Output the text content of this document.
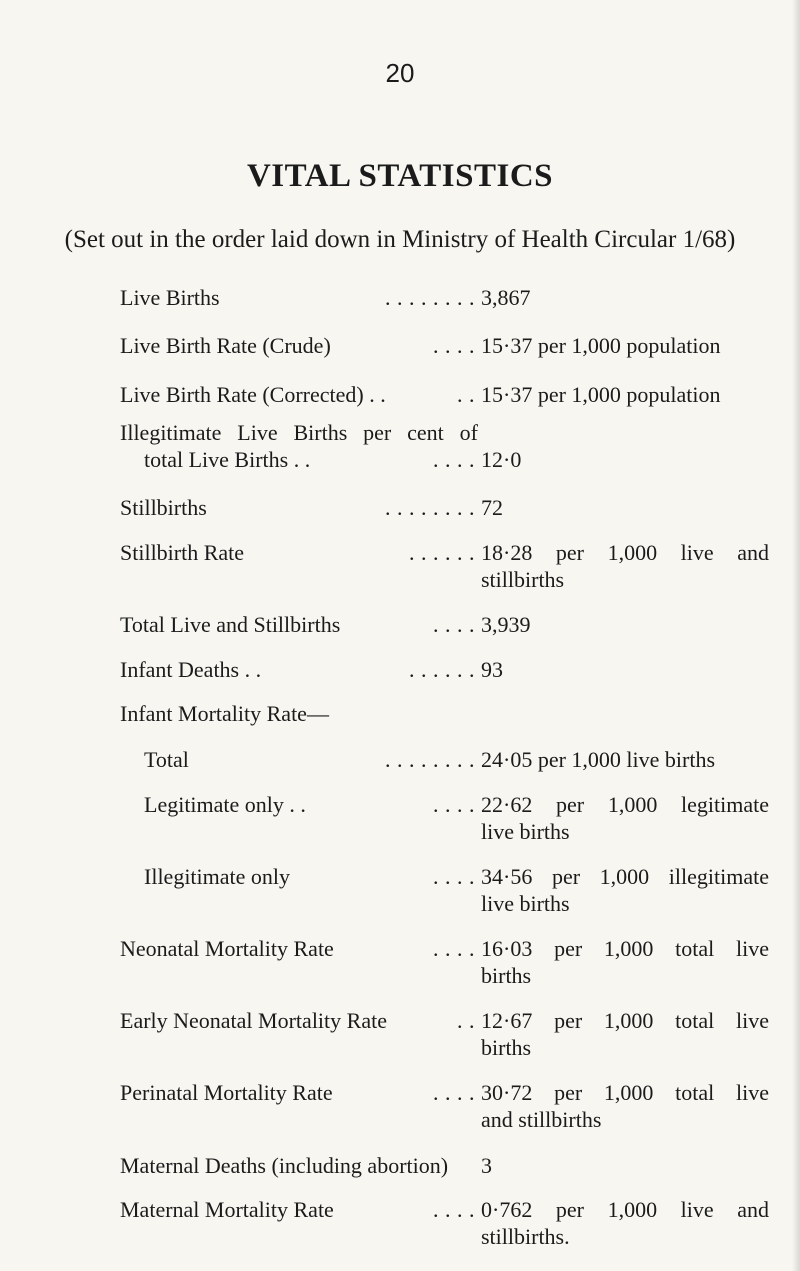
20
VITAL STATISTICS
(Set out in the order laid down in Ministry of Health Circular 1/68)
Live Births	. . . . . . . . 3,867
Live Birth Rate (Crude)	. . . . 15·37 per 1,000 population
Live Birth Rate (Corrected) . .	. . 15·37 per 1,000 population
Illegitimate Live Births per cent of
total Live Births . .	. . . . 12·0
Stillbirths	. . . . . . . . 72
Stillbirth Rate	. . . . . . 18·28 per 1,000 live and
stillbirths
Total Live and Stillbirths	. . . . 3,939
Infant Deaths . .	. . . . . . 93
Infant Mortality Rate—
Total	. . . . . . . . 24·05 per 1,000 live births
Legitimate only . .	. . . . 22·62 per 1,000 legitimate
live births
Illegitimate only	. . . . 34·56 per 1,000 illegitimate
live births
Neonatal Mortality Rate	. . . . 16·03 per 1,000 total live
births
Early Neonatal Mortality Rate	. . 12·67 per 1,000 total live
births
Perinatal Mortality Rate	. . . . 30·72 per 1,000 total live
and stillbirths
Maternal Deaths (including abortion) 3
Maternal Mortality Rate	. . . . 0·762 per 1,000 live and
stillbirths.
